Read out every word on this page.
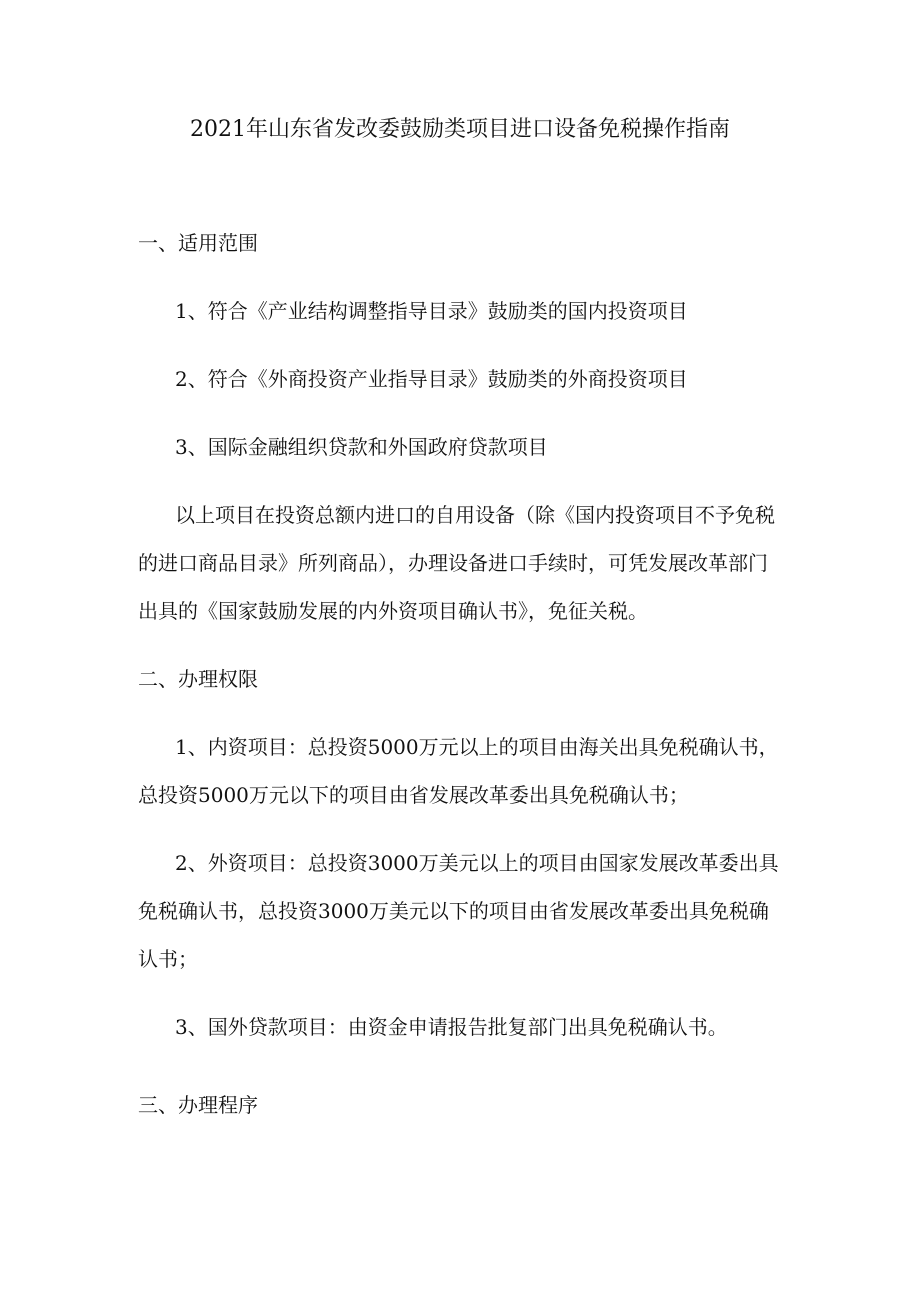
2021年山东省发改委鼓励类项目进口设备免税操作指南
一、适用范围
1、符合《产业结构调整指导目录》鼓励类的国内投资项目
2、符合《外商投资产业指导目录》鼓励类的外商投资项目
3、国际金融组织贷款和外国政府贷款项目
以上项目在投资总额内进口的自用设备（除《国内投资项目不予免税
的进口商品目录》所列商品），办理设备进口手续时，可凭发展改革部门
出具的《国家鼓励发展的内外资项目确认书》，免征关税。
二、办理权限
1、内资项目：总投资5000万元以上的项目由海关出具免税确认书，
总投资5000万元以下的项目由省发展改革委出具免税确认书；
2、外资项目：总投资3000万美元以上的项目由国家发展改革委出具
免税确认书，总投资3000万美元以下的项目由省发展改革委出具免税确
认书；
3、国外贷款项目：由资金申请报告批复部门出具免税确认书。
三、办理程序
